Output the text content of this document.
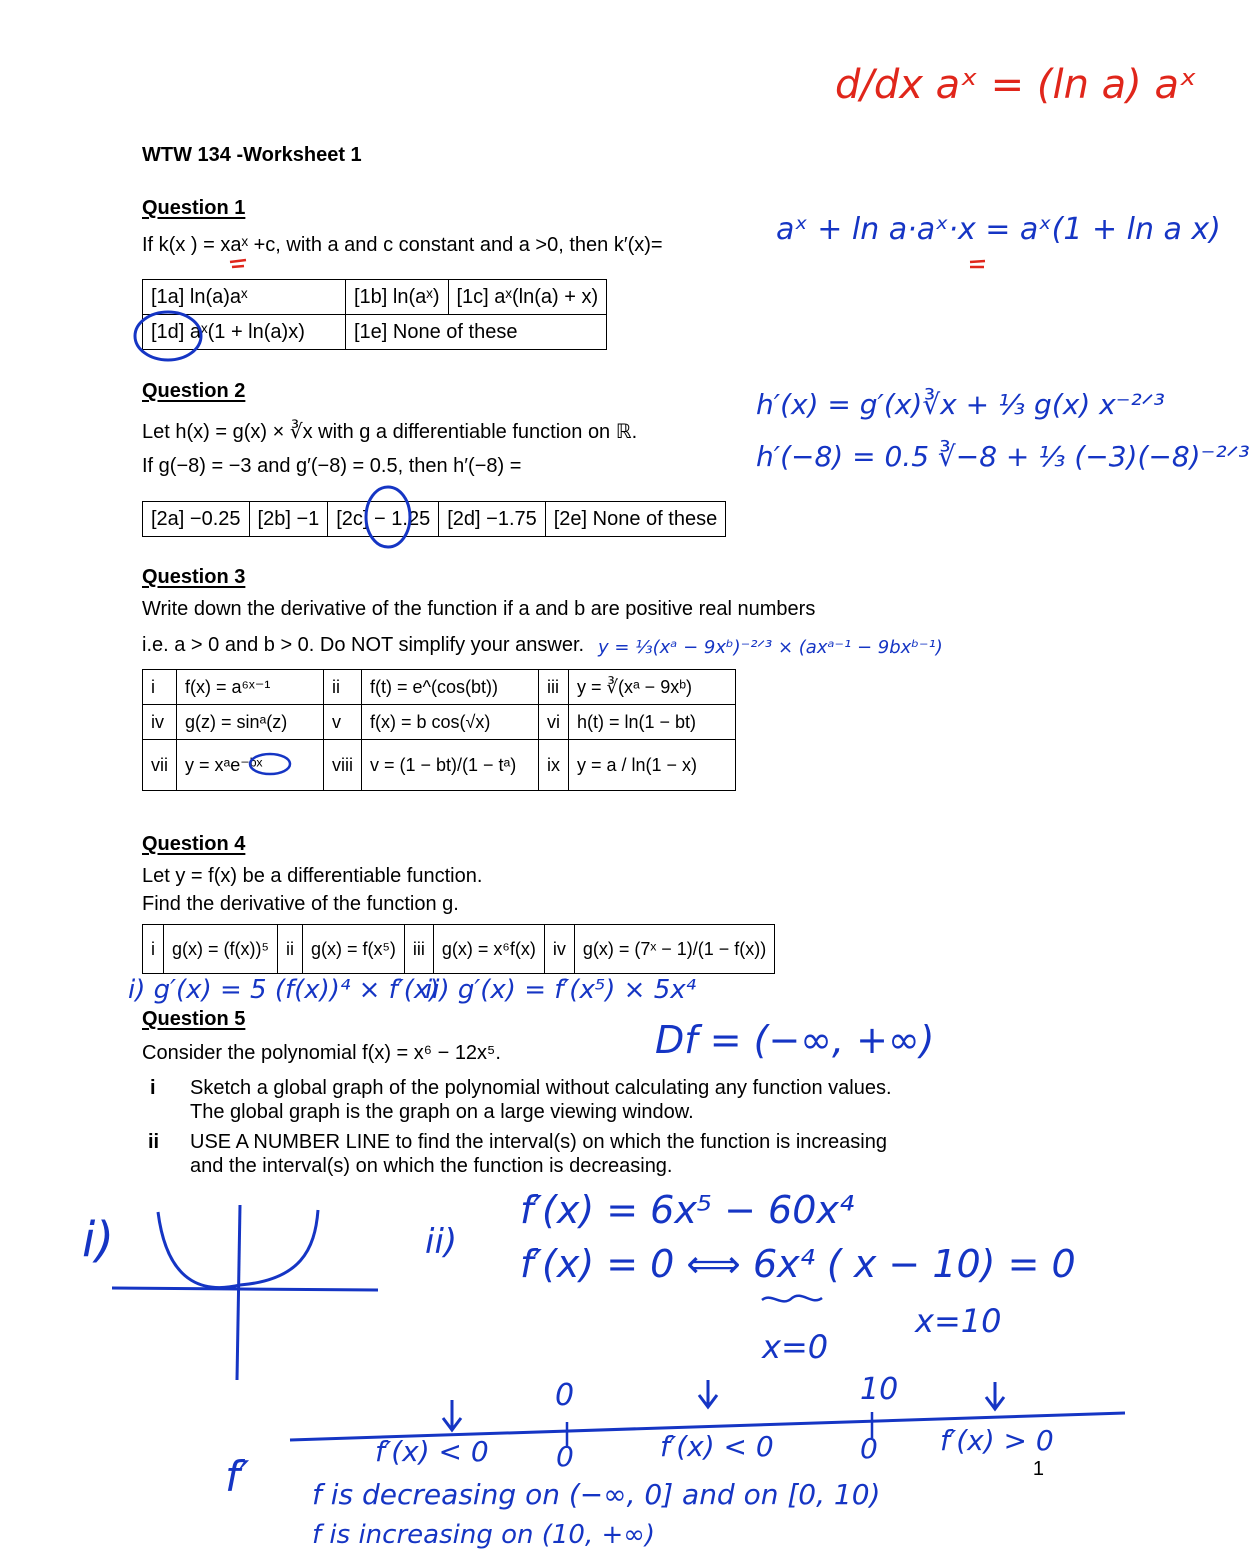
WTW 134 -Worksheet 1
Question 1
If k(x ) = xaˣ +c, with a and c constant and a >0, then k′(x)=
[1a] ln(a)aˣ	[1b] ln(aˣ)	[1c] aˣ(ln(a) + x)
[1d] aˣ(1 + ln(a)x)	[1e] None of these	
Question 2
Let h(x) = g(x) × ∛x with g a differentiable function on ℝ.
If g(−8) = −3 and g′(−8) = 0.5, then h′(−8) =
[2a] −0.25	[2b] −1	[2c] − 1.25	[2d] −1.75	[2e] None of these
Question 3
Write down the derivative of the function if a and b are positive real numbers
i.e. a > 0 and b > 0. Do NOT simplify your answer.
i	f(x) = a⁶ˣ⁻¹	ii	f(t) = e^(cos(bt))	iii	y = ∛(xᵃ − 9xᵇ)
iv	g(z) = sinᵃ(z)	v	f(x) = b cos(√x)	vi	h(t) = ln(1 − bt)
vii	y = xᵃe⁻ᵇˣ	viii	v = (1 − bt)/(1 − tᵃ)	ix	y = a / ln(1 − x)
Question 4
Let y = f(x) be a differentiable function.
Find the derivative of the function g.
i	g(x) = (f(x))⁵	ii	g(x) = f(x⁵)	iii	g(x) = x⁶f(x)	iv	g(x) = (7ˣ − 1)/(1 − f(x))
Question 5
Consider the polynomial f(x) = x⁶ − 12x⁵.
i Sketch a global graph of the polynomial without calculating any function values.
The global graph is the graph on a large viewing window.
ii USE A NUMBER LINE to find the interval(s) on which the function is increasing
and the interval(s) on which the function is decreasing.
1
d/dx aˣ = (ln a) aˣ
aˣ + ln a·aˣ·x = aˣ(1 + ln a x)
h′(x) = g′(x)∛x + ⅓ g(x) x⁻²ᐟ³
h′(−8) = 0.5 ∛−8 + ⅓ (−3)(−8)⁻²ᐟ³
y = ⅓(xᵃ − 9xᵇ)⁻²ᐟ³ × (axᵃ⁻¹ − 9bxᵇ⁻¹)
i) g′(x) = 5 (f(x))⁴ × f′(x)
ii) g′(x) = f′(x⁵) × 5x⁴
Df = (−∞, +∞)
i)	ii)
f′(x) = 6x⁵ − 60x⁴
f′(x) = 0 ⟺ 6x⁴ ( x − 10) = 0
x=0
x=10
0	10
f′
f′(x) < 0 0	f′(x) < 0	0 f′(x) > 0
f is decreasing on (−∞, 0] and on [0, 10)
f is increasing on (10, +∞)
